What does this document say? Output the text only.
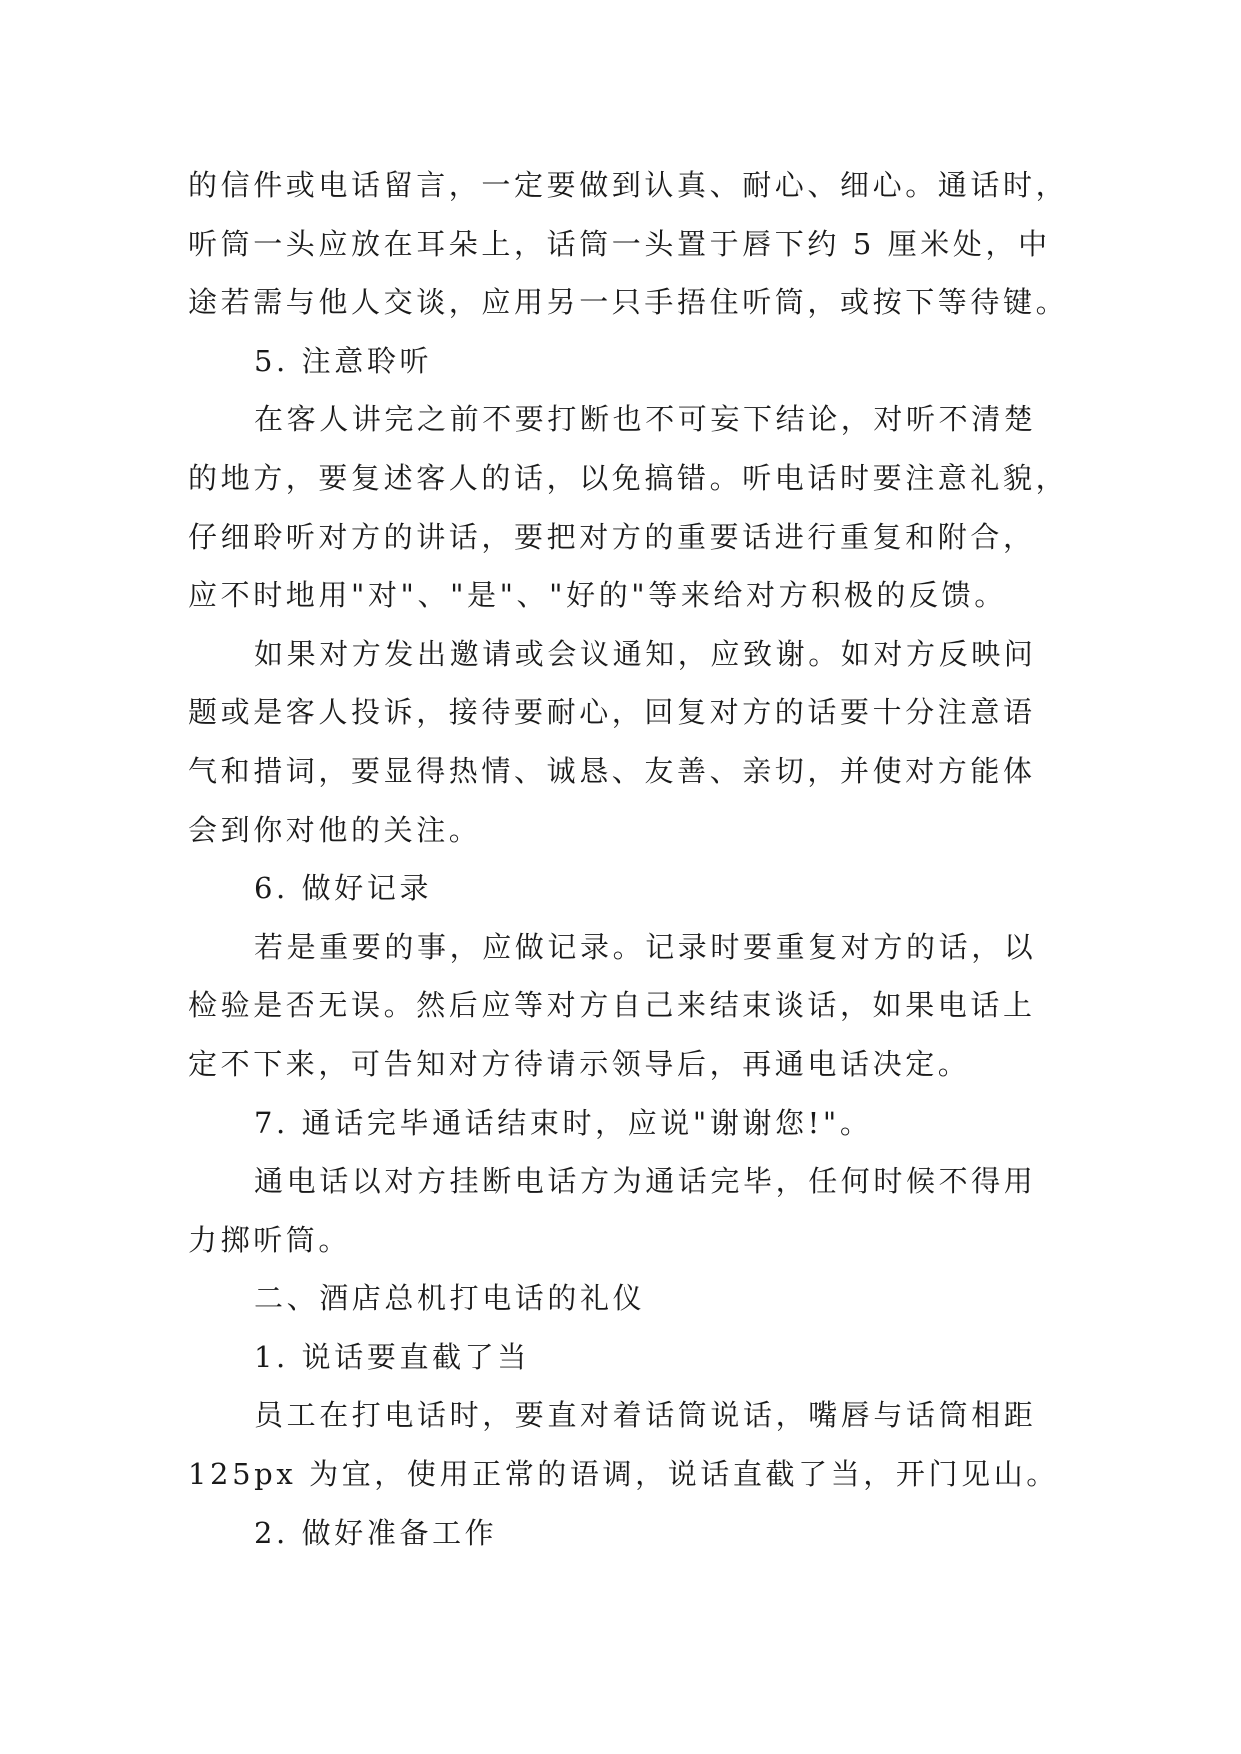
的信件或电话留言，一定要做到认真、耐心、细心。通话时，
听筒一头应放在耳朵上，话筒一头置于唇下约 5 厘米处，中
途若需与他人交谈，应用另一只手捂住听筒，或按下等待键。
5. 注意聆听
在客人讲完之前不要打断也不可妄下结论，对听不清楚
的地方，要复述客人的话，以免搞错。听电话时要注意礼貌，
仔细聆听对方的讲话，要把对方的重要话进行重复和附合，
应不时地用"对"、"是"、"好的"等来给对方积极的反馈。
如果对方发出邀请或会议通知，应致谢。如对方反映问
题或是客人投诉，接待要耐心，回复对方的话要十分注意语
气和措词，要显得热情、诚恳、友善、亲切，并使对方能体
会到你对他的关注。
6. 做好记录
若是重要的事，应做记录。记录时要重复对方的话，以
检验是否无误。然后应等对方自己来结束谈话，如果电话上
定不下来，可告知对方待请示领导后，再通电话决定。
7. 通话完毕通话结束时，应说"谢谢您!"。
通电话以对方挂断电话方为通话完毕，任何时候不得用
力掷听筒。
二、酒店总机打电话的礼仪
1. 说话要直截了当
员工在打电话时，要直对着话筒说话，嘴唇与话筒相距
125px 为宜，使用正常的语调，说话直截了当，开门见山。
2. 做好准备工作
